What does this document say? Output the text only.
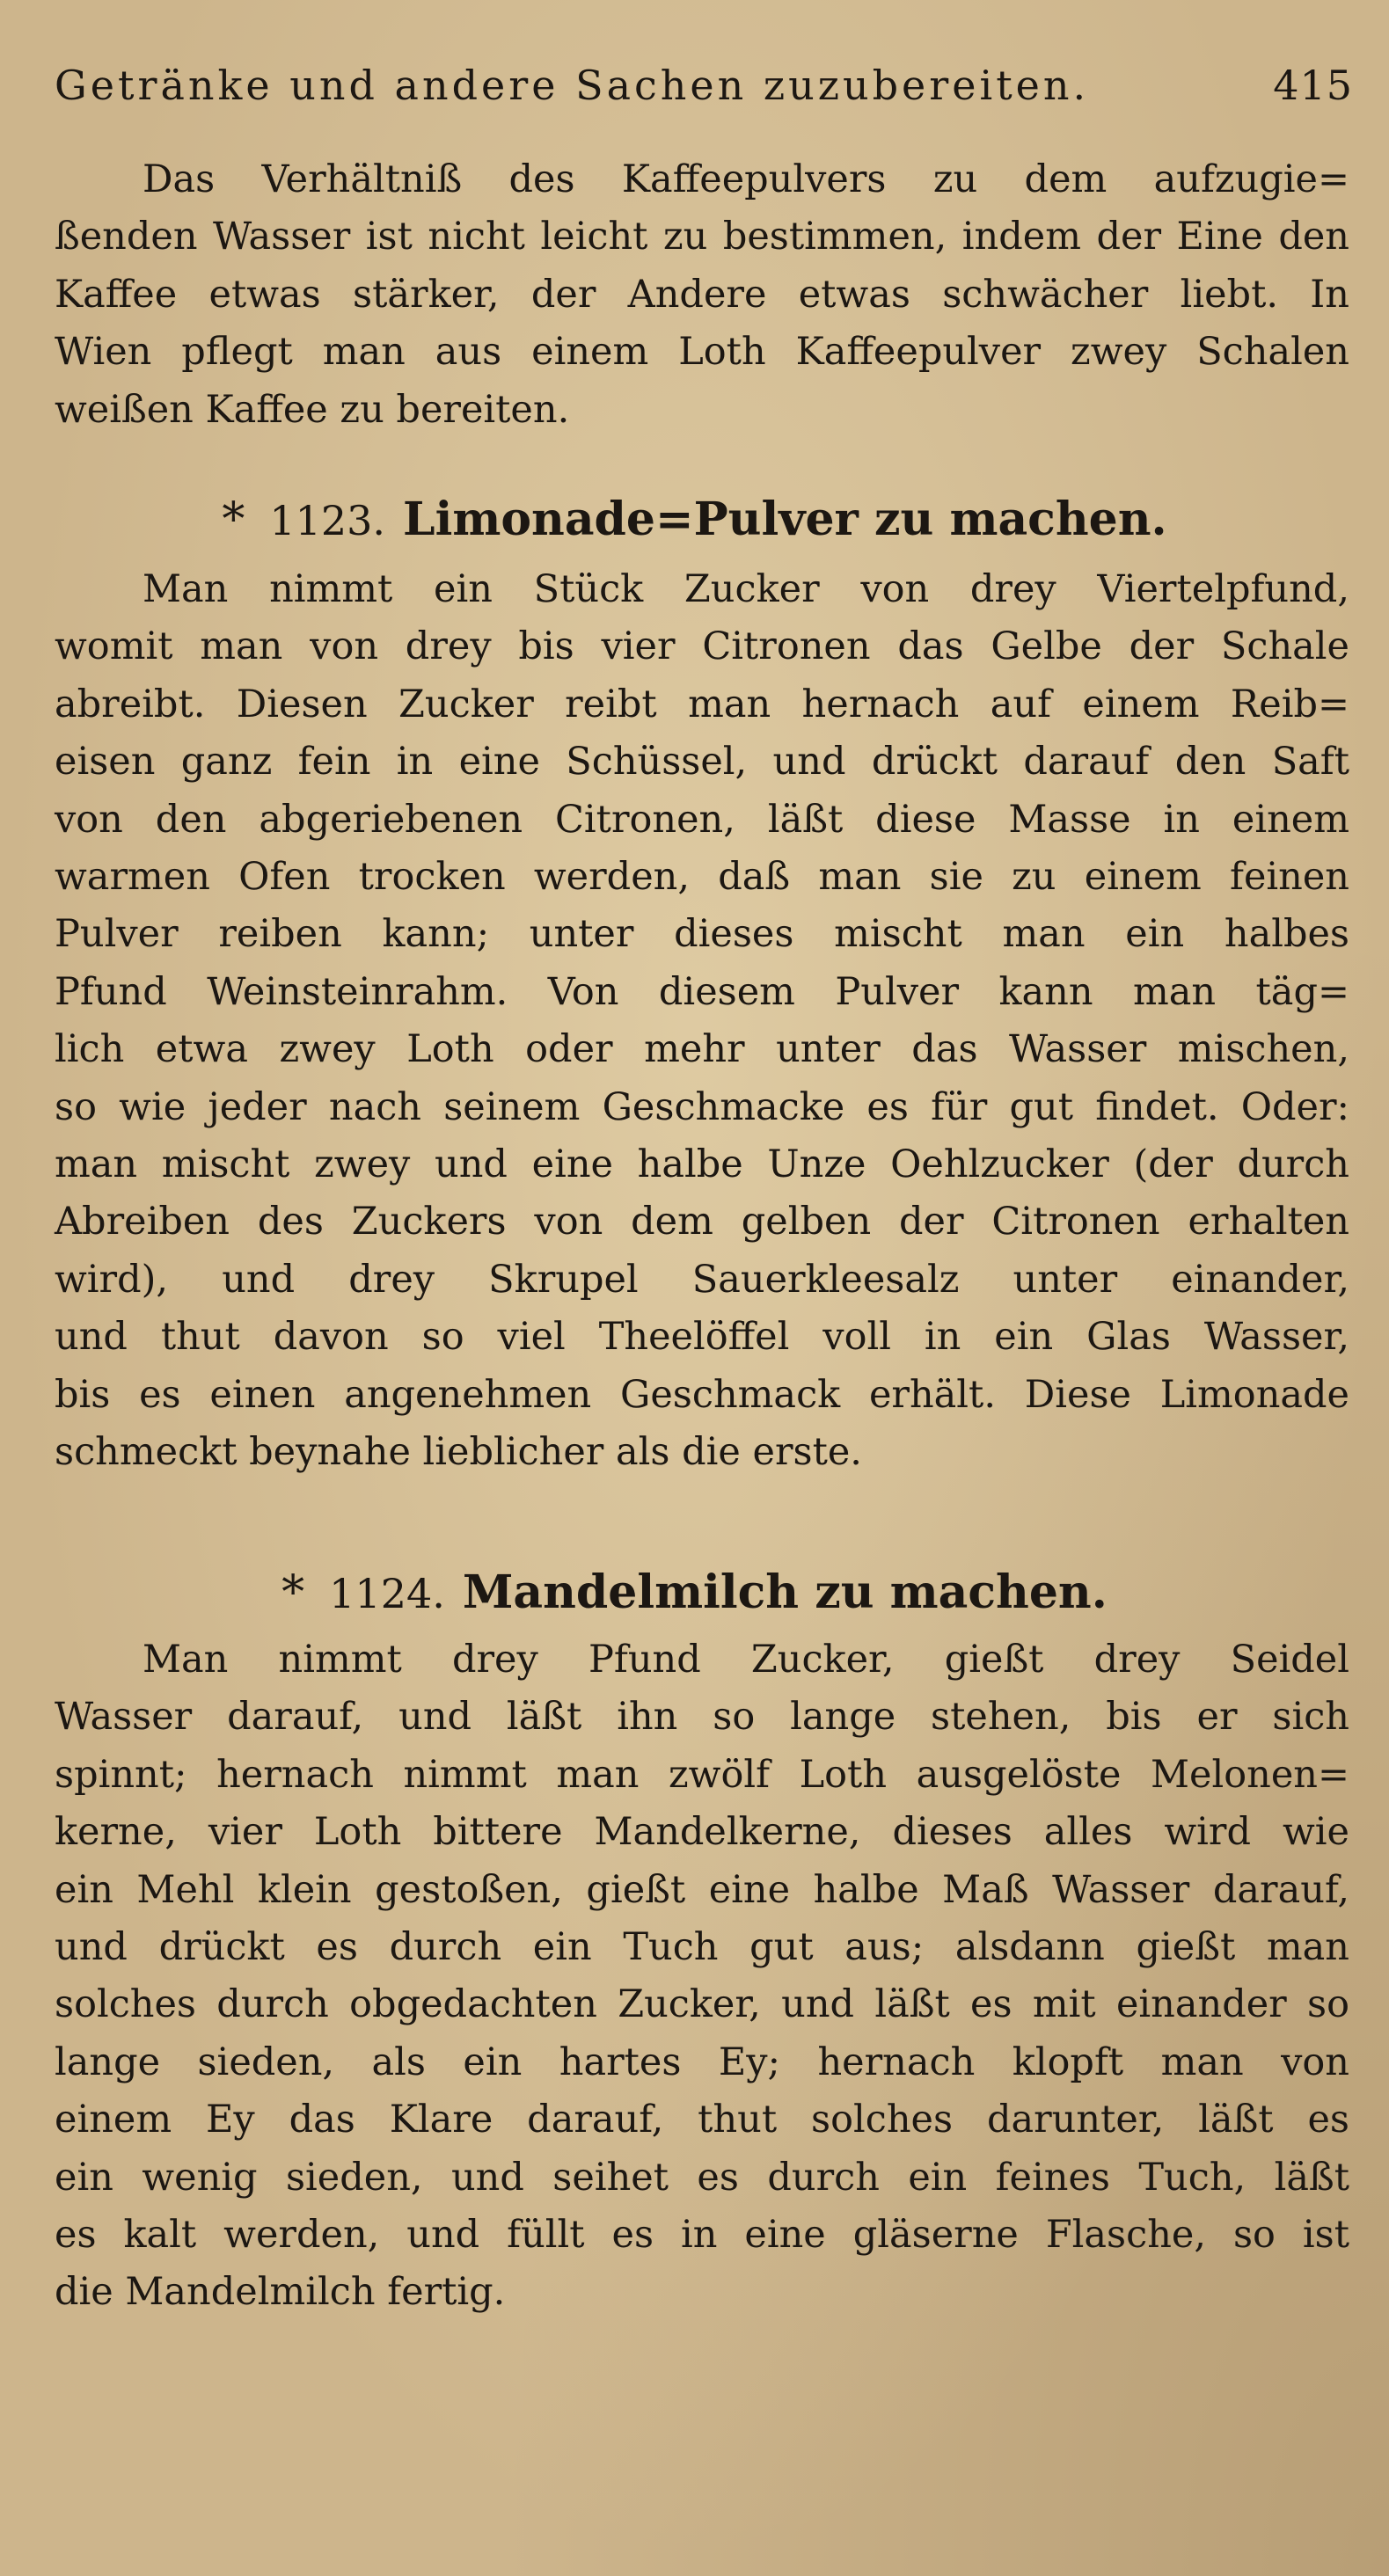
Getränke und andere Sachen zuzubereiten.	415
Das Verhältniß des Kaffeepulvers zu dem aufzugie=
ßenden Wasser ist nicht leicht zu bestimmen, indem der Eine den
Kaffee etwas stärker, der Andere etwas schwächer liebt. In
Wien pflegt man aus einem Loth Kaffeepulver zwey Schalen
weißen Kaffee zu bereiten.
* 1123. Limonade=Pulver zu machen.
Man nimmt ein Stück Zucker von drey Viertelpfund,
womit man von drey bis vier Citronen das Gelbe der Schale
abreibt. Diesen Zucker reibt man hernach auf einem Reib=
eisen ganz fein in eine Schüssel, und drückt darauf den Saft
von den abgeriebenen Citronen, läßt diese Masse in einem
warmen Ofen trocken werden, daß man sie zu einem feinen
Pulver reiben kann; unter dieses mischt man ein halbes
Pfund Weinsteinrahm. Von diesem Pulver kann man täg=
lich etwa zwey Loth oder mehr unter das Wasser mischen,
so wie jeder nach seinem Geschmacke es für gut findet. Oder:
man mischt zwey und eine halbe Unze Oehlzucker (der durch
Abreiben des Zuckers von dem gelben der Citronen erhalten
wird), und drey Skrupel Sauerkleesalz unter einander,
und thut davon so viel Theelöffel voll in ein Glas Wasser,
bis es einen angenehmen Geschmack erhält. Diese Limonade
schmeckt beynahe lieblicher als die erste.
* 1124. Mandelmilch zu machen.
Man nimmt drey Pfund Zucker, gießt drey Seidel
Wasser darauf, und läßt ihn so lange stehen, bis er sich
spinnt; hernach nimmt man zwölf Loth ausgelöste Melonen=
kerne, vier Loth bittere Mandelkerne, dieses alles wird wie
ein Mehl klein gestoßen, gießt eine halbe Maß Wasser darauf,
und drückt es durch ein Tuch gut aus; alsdann gießt man
solches durch obgedachten Zucker, und läßt es mit einander so
lange sieden, als ein hartes Ey; hernach klopft man von
einem Ey das Klare darauf, thut solches darunter, läßt es
ein wenig sieden, und seihet es durch ein feines Tuch, läßt
es kalt werden, und füllt es in eine gläserne Flasche, so ist
die Mandelmilch fertig.
